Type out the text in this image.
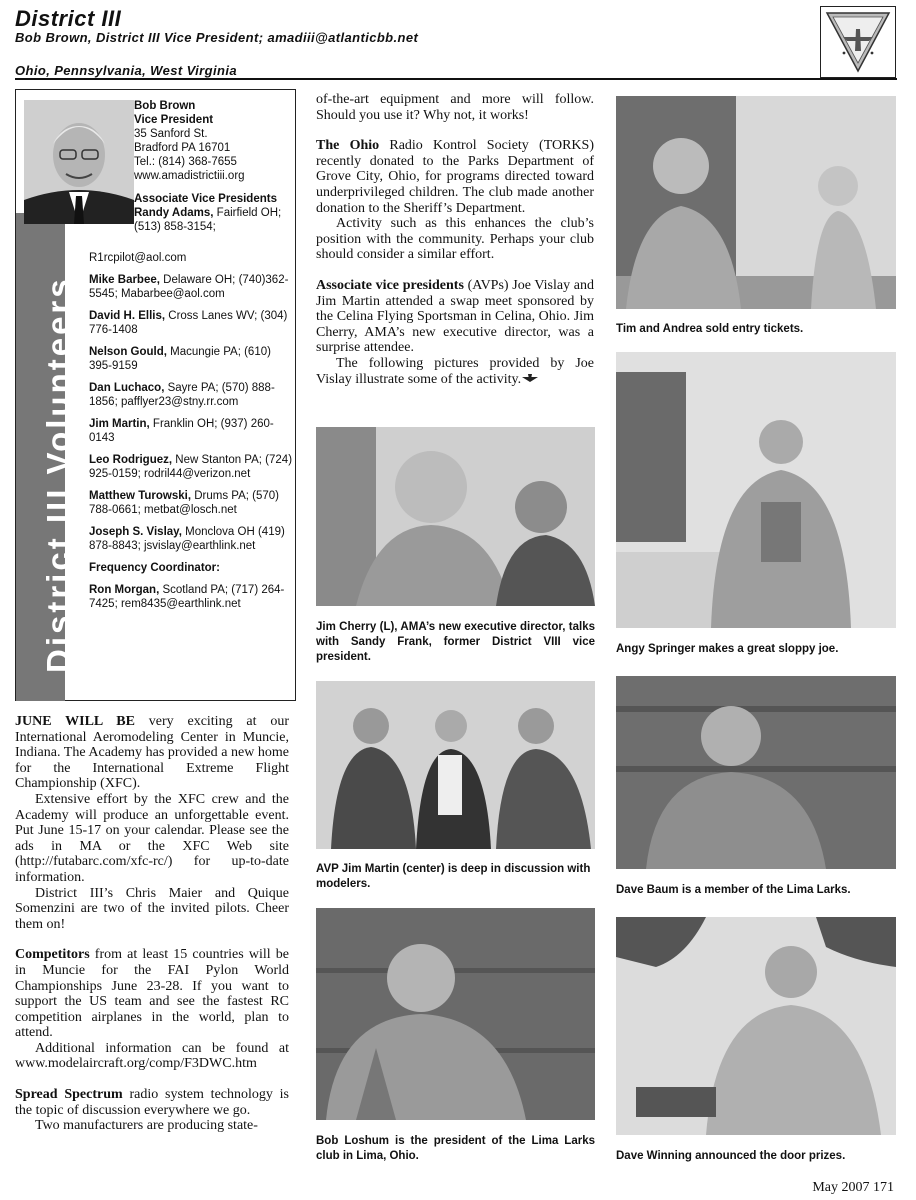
District III
Bob Brown, District III Vice President; amadiii@atlanticbb.net
Ohio, Pennsylvania, West Virginia
District III Volunteers
Bob Brown
Vice President
35 Sanford St.
Bradford PA 16701
Tel.: (814) 368-7655
www.amadistrictiii.org
Associate Vice Presidents
Randy Adams, Fairfield OH; (513) 858-3154;
R1rcpilot@aol.com
Mike Barbee, Delaware OH; (740)362-5545; Mabarbee@aol.com
David H. Ellis, Cross Lanes WV; (304) 776-1408
Nelson Gould, Macungie PA; (610) 395-9159
Dan Luchaco, Sayre PA; (570) 888-1856; pafflyer23@stny.rr.com
Jim Martin, Franklin OH; (937) 260-0143
Leo Rodriguez, New Stanton PA; (724) 925-0159; rodril44@verizon.net
Matthew Turowski, Drums PA; (570) 788-0661; metbat@losch.net
Joseph S. Vislay, Monclova OH (419) 878-8843; jsvislay@earthlink.net
Frequency Coordinator:
Ron Morgan, Scotland PA; (717) 264-7425; rem8435@earthlink.net

JUNE WILL BE very exciting at our International Aeromodeling Center in Muncie, Indiana. The Academy has provided a new home for the International Extreme Flight Championship (XFC).

Extensive effort by the XFC crew and the Academy will produce an unforgettable event. Put June 15-17 on your calendar. Please see the ads in MA or the XFC Web site (http://futabarc.com/xfc-rc/) for up-to-date information.

District III’s Chris Maier and Quique Somenzini are two of the invited pilots. Cheer them on!

Competitors from at least 15 countries will be in Muncie for the FAI Pylon World Championships June 23-28. If you want to support the US team and see the fastest RC competition airplanes in the world, plan to attend.

Additional information can be found at www.modelaircraft.org/comp/F3DWC.htm

Spread Spectrum radio system technology is the topic of discussion everywhere we go.

Two manufacturers are producing state-

of-the-art equipment and more will follow. Should you use it? Why not, it works!

The Ohio Radio Kontrol Society (TORKS) recently donated to the Parks Department of Grove City, Ohio, for programs directed toward underprivileged children. The club made another donation to the Sheriff’s Department.

Activity such as this enhances the club’s position with the community. Perhaps your club should consider a similar effort.

Associate vice presidents (AVPs) Joe Vislay and Jim Martin attended a swap meet sponsored by the Celina Flying Sportsman in Celina, Ohio. Jim Cherry, AMA’s new executive director, was a surprise attendee.

The following pictures provided by Joe Vislay illustrate some of the activity.

Tim and Andrea sold entry tickets.
Jim Cherry (L), AMA’s new executive director, talks with Sandy Frank, former District VIII vice president.
Angy Springer makes a great sloppy joe.
AVP Jim Martin (center) is deep in discussion with modelers.	Dave Baum is a member of the Lima Larks.
Bob Loshum is the president of the Lima Larks club in Lima, Ohio.	Dave Winning announced the door prizes.
May 2007 171
